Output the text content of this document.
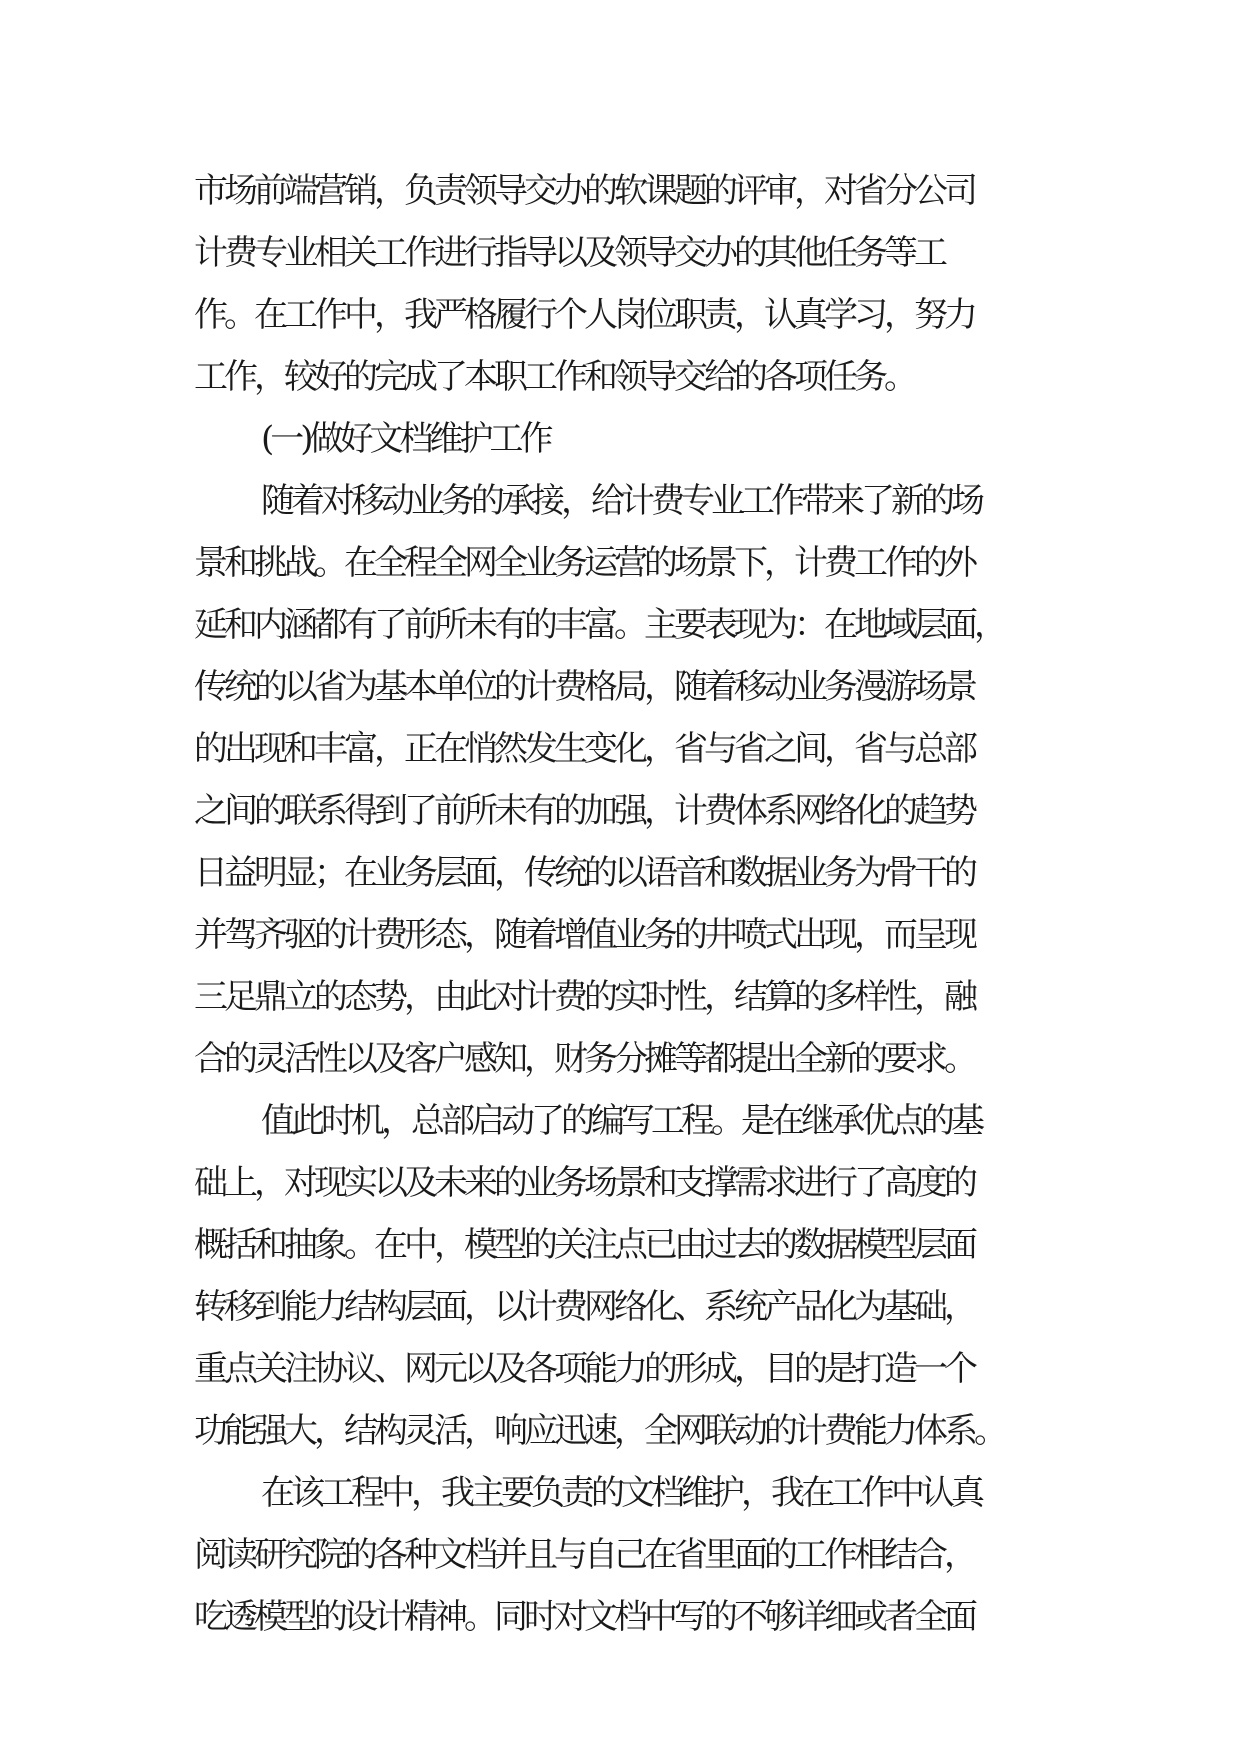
市场前端营销，负责领导交办的软课题的评审，对省分公司
计费专业相关工作进行指导以及领导交办的其他任务等工
作。在工作中，我严格履行个人岗位职责，认真学习，努力
工作，较好的完成了本职工作和领导交给的各项任务。
(一)做好文档维护工作
随着对移动业务的承接，给计费专业工作带来了新的场
景和挑战。在全程全网全业务运营的场景下，计费工作的外
延和内涵都有了前所未有的丰富。主要表现为：在地域层面，
传统的以省为基本单位的计费格局，随着移动业务漫游场景
的出现和丰富，正在悄然发生变化，省与省之间，省与总部
之间的联系得到了前所未有的加强，计费体系网络化的趋势
日益明显；在业务层面，传统的以语音和数据业务为骨干的
并驾齐驱的计费形态，随着增值业务的井喷式出现，而呈现
三足鼎立的态势，由此对计费的实时性，结算的多样性，融
合的灵活性以及客户感知，财务分摊等都提出全新的要求。
值此时机，总部启动了的编写工程。是在继承优点的基
础上，对现实以及未来的业务场景和支撑需求进行了高度的
概括和抽象。在中，模型的关注点已由过去的数据模型层面
转移到能力结构层面，以计费网络化、系统产品化为基础，
重点关注协议、网元以及各项能力的形成，目的是打造一个
功能强大，结构灵活，响应迅速，全网联动的计费能力体系。
在该工程中，我主要负责的文档维护，我在工作中认真
阅读研究院的各种文档并且与自己在省里面的工作相结合，
吃透模型的设计精神。同时对文档中写的不够详细或者全面
